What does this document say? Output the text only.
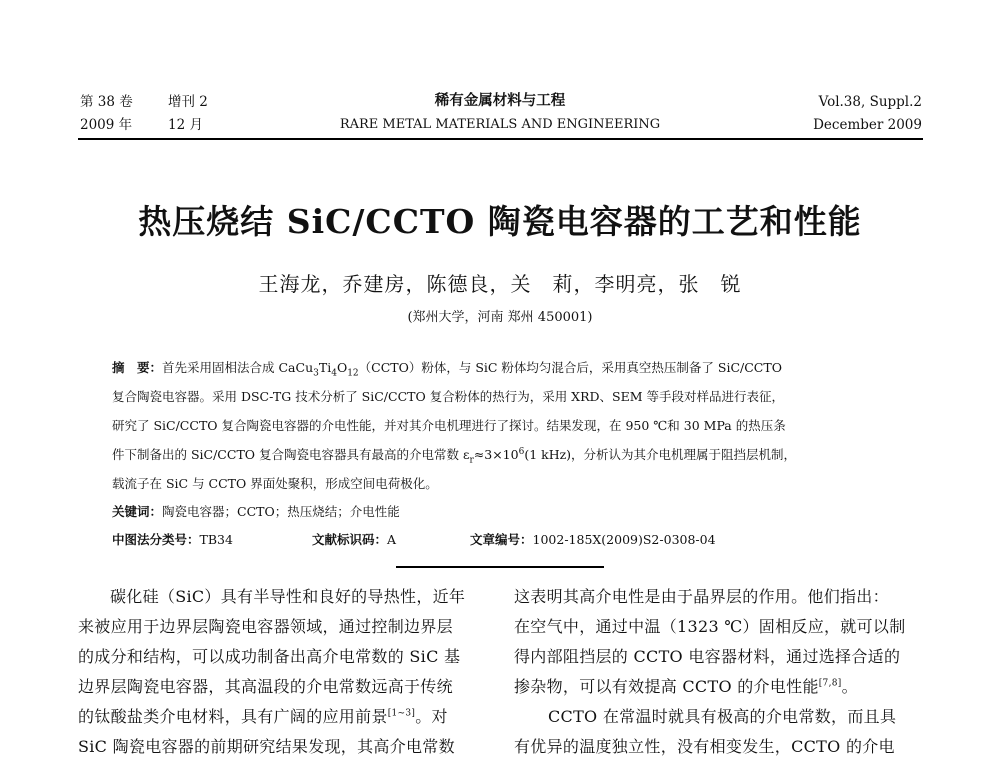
第 38 卷	增刊 2
2009 年	12 月
稀有金属材料与工程
RARE METAL MATERIALS AND ENGINEERING
Vol.38, Suppl.2
December 2009
热压烧结 SiC/CCTO 陶瓷电容器的工艺和性能
王海龙，乔建房，陈德良，关　莉，李明亮，张　锐
(郑州大学，河南 郑州 450001)
摘　要：首先采用固相法合成 $CaCu_3Ti_4O_{12}(CCTO)$粉体，与 SiC 粉体均匀混合后，采用真空热压制备了 SiC/CCTO
复合陶瓷电容器。采用 DSC-TG 技术分析了 SiC/CCTO 复合粉体的热行为，采用 XRD、SEM 等手段对样品进行表征，
研究了 SiC/CCTO 复合陶瓷电容器的介电性能，并对其介电机理进行了探讨。结果发现，在 950 ℃和 30 MPa 的热压条
件下制备出的 SiC/CCTO 复合陶瓷电容器具有最高的介电常数 $\varepsilon_r\approx 3\times 10^6(1$ kHz)，分析认为其介电机理属于阻挡层机制，
载流子在 SiC 与 CCTO 界面处聚积，形成空间电荷极化。
关键词：陶瓷电容器；CCTO；热压烧结；介电性能
中图法分类号：TB34	文献标识码：A	文章编号：1002-185X(2009)S2-0308-04
碳化硅（SiC）具有半导性和良好的导热性，近年
来被应用于边界层陶瓷电容器领域，通过控制边界层
的成分和结构，可以成功制备出高介电常数的 SiC 基
边界层陶瓷电容器，其高温段的介电常数远高于传统
的钛酸盐类介电材料，具有广阔的应用前景[1~3]。对
SiC 陶瓷电容器的前期研究结果发现，其高介电常数
这表明其高介电性是由于晶界层的作用。他们指出：
在空气中，通过中温（1323 ℃）固相反应，就可以制
得内部阻挡层的 CCTO 电容器材料，通过选择合适的
掺杂物，可以有效提高 CCTO 的介电性能[7,8]。
CCTO 在常温时就具有极高的介电常数，而且具
有优异的温度独立性，没有相变发生，CCTO 的介电
